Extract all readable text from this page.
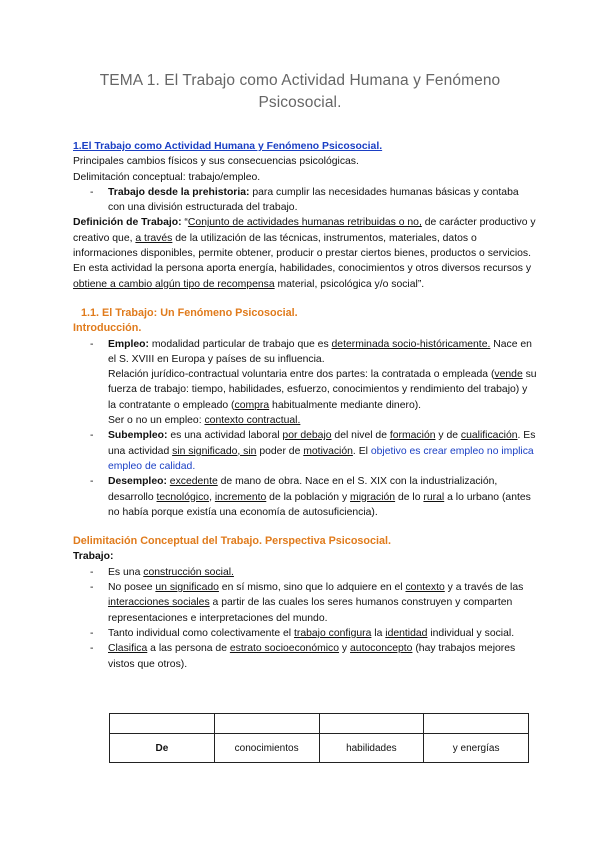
TEMA 1. El Trabajo como Actividad Humana y Fenómeno Psicosocial.

1.El Trabajo como Actividad Humana y Fenómeno Psicosocial.

Principales cambios físicos y sus consecuencias psicológicas.

Delimitación conceptual: trabajo/empleo.

- Trabajo desde la prehistoria: para cumplir las necesidades humanas básicas y contaba con una división estructurada del trabajo.

Definición de Trabajo: “Conjunto de actividades humanas retribuidas o no, de carácter productivo y creativo que, a través de la utilización de las técnicas, instrumentos, materiales, datos o informaciones disponibles, permite obtener, producir o prestar ciertos bienes, productos o servicios. En esta actividad la persona aporta energía, habilidades, conocimientos y otros diversos recursos y obtiene a cambio algún tipo de recompensa material, psicológica y/o social”.

1.1. El Trabajo: Un Fenómeno Psicosocial.

Introducción.

- Empleo: modalidad particular de trabajo que es determinada socio-históricamente. Nace en el S. XVIII en Europa y países de su influencia.

Relación jurídico-contractual voluntaria entre dos partes: la contratada o empleada (vende su fuerza de trabajo: tiempo, habilidades, esfuerzo, conocimientos y rendimiento del trabajo) y la contratante o empleado (compra habitualmente mediante dinero).

Ser o no un empleo: contexto contractual.

- Subempleo: es una actividad laboral por debajo del nivel de formación y de cualificación. Es una actividad sin significado, sin poder de motivación. El objetivo es crear empleo no implica empleo de calidad.
- Desempleo: excedente de mano de obra. Nace en el S. XIX con la industrialización, desarrollo tecnológico, incremento de la población y migración de lo rural a lo urbano (antes no había porque existía una economía de autosuficiencia).

Delimitación Conceptual del Trabajo. Perspectiva Psicosocial.

Trabajo:

- Es una construcción social.
- No posee un significado en sí mismo, sino que lo adquiere en el contexto y a través de las interacciones sociales a partir de las cuales los seres humanos construyen y comparten representaciones e interpretaciones del mundo.
- Tanto individual como colectivamente el trabajo configura la identidad individual y social.
- Clasifica a las persona de estrato socioeconómico y autoconcepto (hay trabajos mejores vistos que otros).

De	conocimientos	habilidades	y energías
